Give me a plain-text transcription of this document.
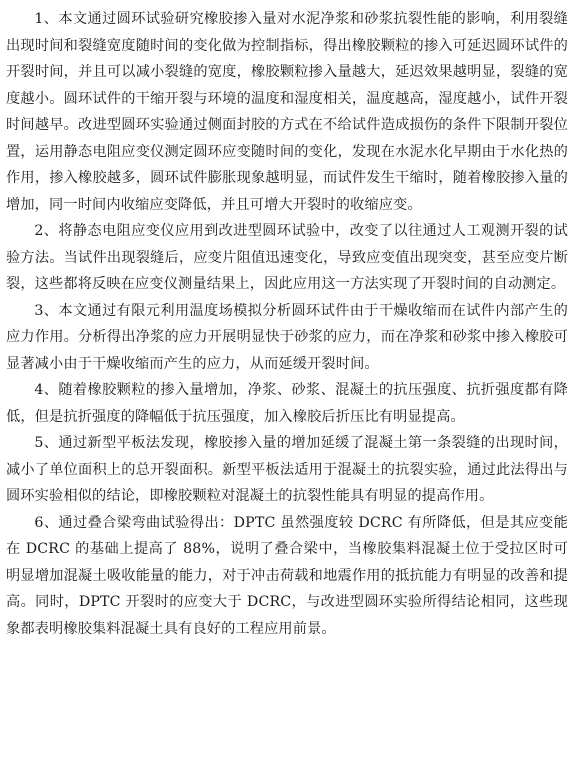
1、本文通过圆环试验研究橡胶掺入量对水泥净浆和砂浆抗裂性能的影响，利用裂缝出现时间和裂缝宽度随时间的变化做为控制指标，得出橡胶颗粒的掺入可延迟圆环试件的开裂时间，并且可以减小裂缝的宽度，橡胶颗粒掺入量越大，延迟效果越明显，裂缝的宽度越小。圆环试件的干缩开裂与环境的温度和湿度相关，温度越高，湿度越小，试件开裂时间越早。改进型圆环实验通过侧面封胶的方式在不给试件造成损伤的条件下限制开裂位置，运用静态电阻应变仪测定圆环应变随时间的变化，发现在水泥水化早期由于水化热的作用，掺入橡胶越多，圆环试件膨胀现象越明显，而试件发生干缩时，随着橡胶掺入量的增加，同一时间内收缩应变降低，并且可增大开裂时的收缩应变。

2、将静态电阻应变仪应用到改进型圆环试验中，改变了以往通过人工观测开裂的试验方法。当试件出现裂缝后，应变片阻值迅速变化，导致应变值出现突变，甚至应变片断裂，这些都将反映在应变仪测量结果上，因此应用这一方法实现了开裂时间的自动测定。

3、本文通过有限元利用温度场模拟分析圆环试件由于干燥收缩而在试件内部产生的应力作用。分析得出净浆的应力开展明显快于砂浆的应力，而在净浆和砂浆中掺入橡胶可显著减小由于干燥收缩而产生的应力，从而延缓开裂时间。

4、随着橡胶颗粒的掺入量增加，净浆、砂浆、混凝土的抗压强度、抗折强度都有降低，但是抗折强度的降幅低于抗压强度，加入橡胶后折压比有明显提高。

5、通过新型平板法发现，橡胶掺入量的增加延缓了混凝土第一条裂缝的出现时间，减小了单位面积上的总开裂面积。新型平板法适用于混凝土的抗裂实验，通过此法得出与圆环实验相似的结论，即橡胶颗粒对混凝土的抗裂性能具有明显的提高作用。

6、通过叠合梁弯曲试验得出：DPTC 虽然强度较 DCRC 有所降低，但是其应变能在 DCRC 的基础上提高了 88%，说明了叠合梁中，当橡胶集料混凝土位于受拉区时可明显增加混凝土吸收能量的能力，对于冲击荷载和地震作用的抵抗能力有明显的改善和提高。同时，DPTC 开裂时的应变大于 DCRC，与改进型圆环实验所得结论相同，这些现象都表明橡胶集料混凝土具有良好的工程应用前景。
